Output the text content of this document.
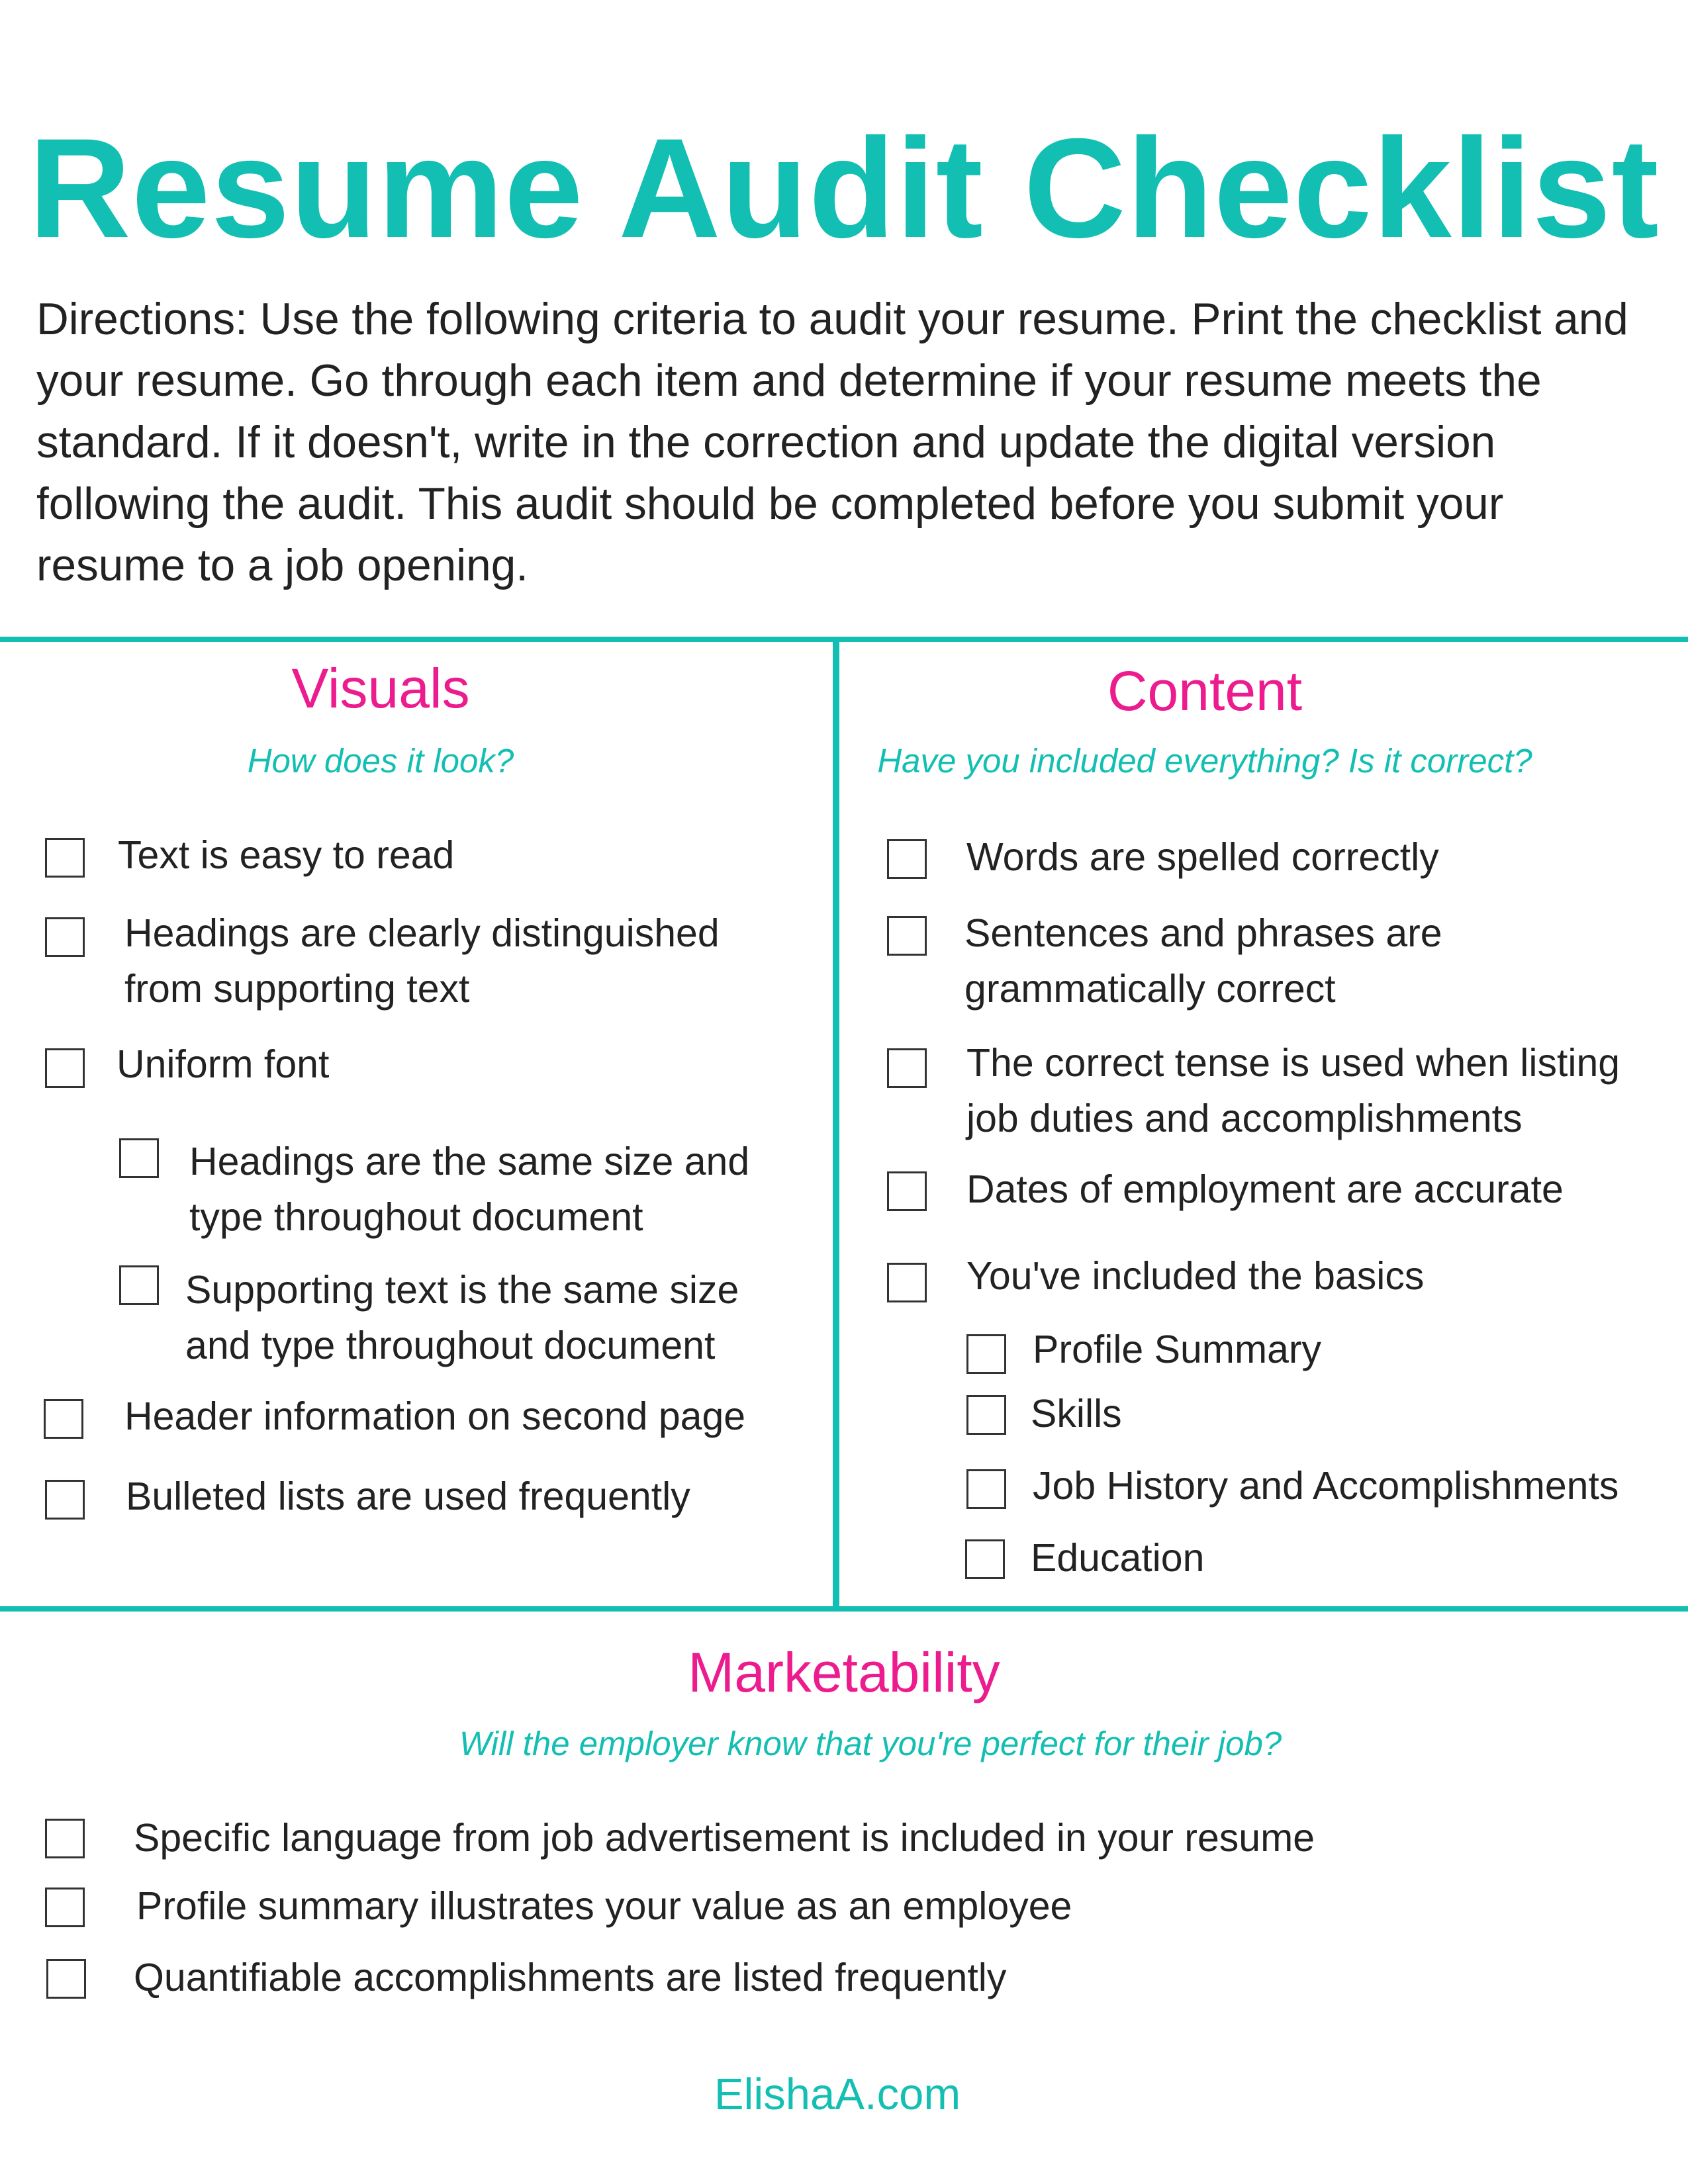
Resume Audit Checklist
Directions: Use the following criteria to audit your resume. Print the checklist and your resume. Go through each item and determine if your resume meets the standard. If it doesn't, write in the correction and update the digital version following the audit. This audit should be completed before you submit your resume to a job opening.
Visuals
How does it look?
Text is easy to read
Headings are clearly distinguished
from supporting text
Uniform font
Headings are the same size and
type throughout document
Supporting text is the same size
and type throughout document
Header information on second page
Bulleted lists are used frequently
Content
Have you included everything? Is it correct?
Words are spelled correctly
Sentences and phrases are
grammatically correct
The correct tense is used when listing
job duties and accomplishments
Dates of employment are accurate
You've included the basics
Profile Summary
Skills
Job History and Accomplishments
Education
Marketability
Will the employer know that you're perfect for their job?
Specific language from job advertisement is included in your resume
Profile summary illustrates your value as an employee
Quantifiable accomplishments are listed frequently
ElishaA.com
